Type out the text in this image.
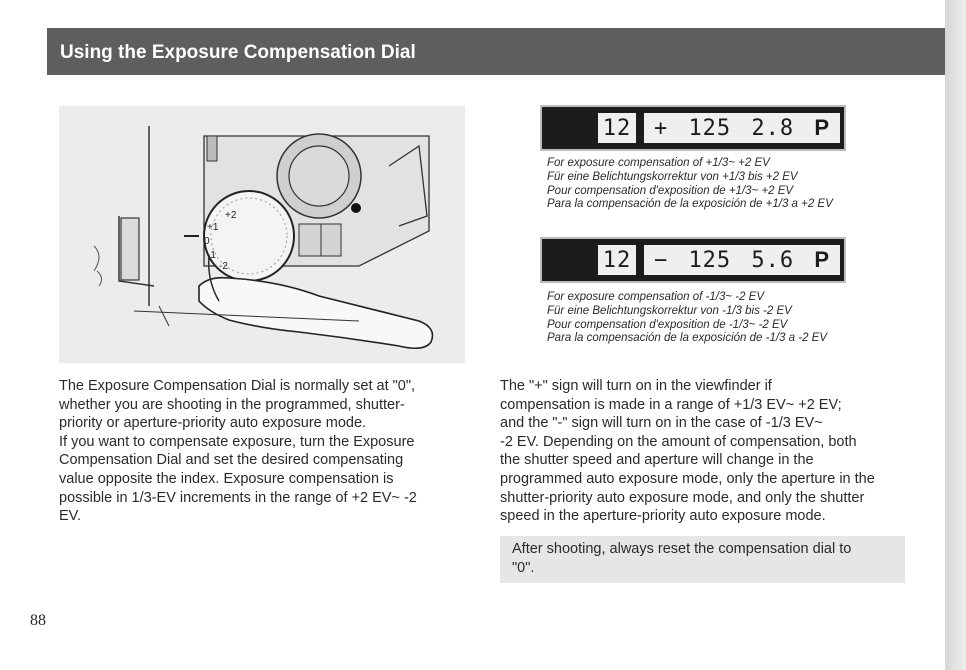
Using the Exposure Compensation Dial
+2
+1
0
-1
-2
The Exposure Compensation Dial is normally set at "0",
whether you are shooting in the programmed, shutter-
priority or aperture-priority auto exposure mode.
If you want to compensate exposure, turn the Exposure
Compensation Dial and set the desired compensating
value opposite the index. Exposure compensation is
possible in 1/3-EV increments in the range of +2 EV~ -2
EV.
12 + 125 2.8 P
For exposure compensation of +1/3~ +2 EV
Für eine Belichtungskorrektur von +1/3 bis +2 EV
Pour compensation d'exposition de +1/3~ +2 EV
Para la compensación de la exposición de +1/3 a +2 EV
12 − 125 5.6 P
For exposure compensation of -1/3~ -2 EV
Für eine Belichtungskorrektur von -1/3 bis -2 EV
Pour compensation d'exposition de -1/3~ -2 EV
Para la compensación de la exposición de -1/3 a -2 EV
The "+" sign will turn on in the viewfinder if
compensation is made in a range of +1/3 EV~ +2 EV;
and the "-" sign will turn on in the case of -1/3 EV~
-2 EV. Depending on the amount of compensation, both
the shutter speed and aperture will change in the
programmed auto exposure mode, only the aperture in the
shutter-priority auto exposure mode, and only the shutter
speed in the aperture-priority auto exposure mode.
After shooting, always reset the compensation dial to
"0".
88
